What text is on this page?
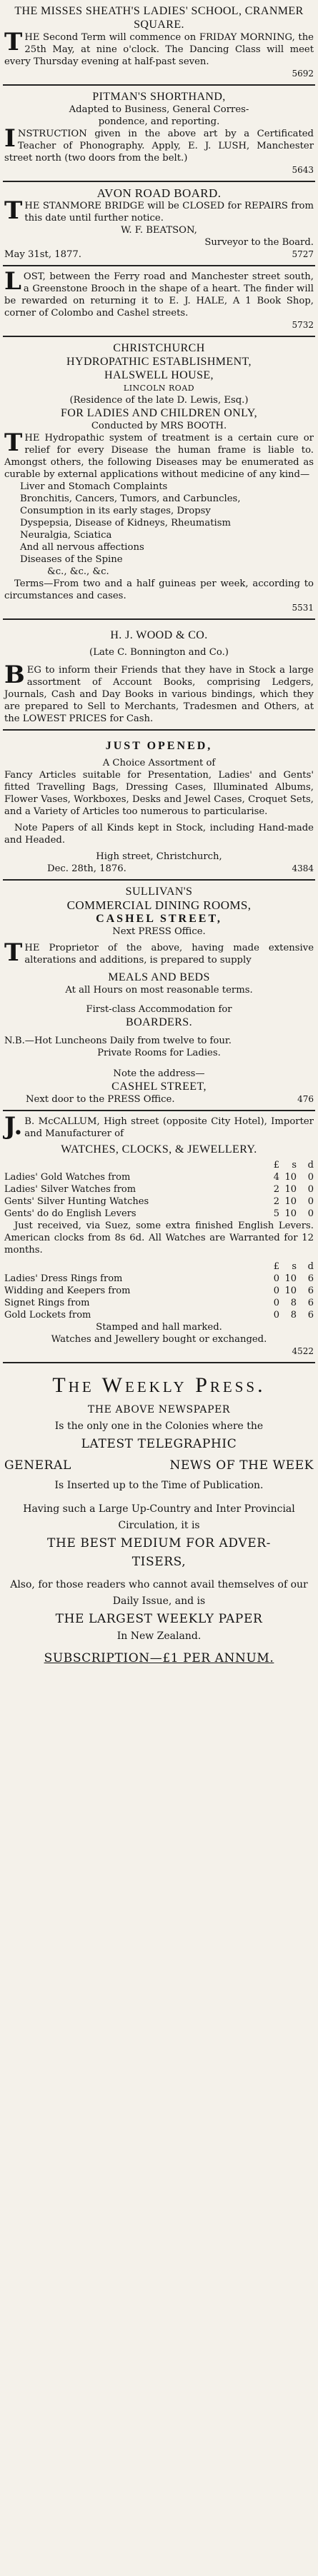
THE MISSES SHEATH'S LADIES' SCHOOL, CRANMER SQUARE.

THE Second Term will commence on FRIDAY MORNING, the 25th May, at nine o'clock. The Dancing Class will meet every Thursday evening at half-past seven.

5692
PITMAN'S SHORTHAND,
Adapted to Business, General Corres-
pondence, and reporting.

INSTRUCTION given in the above art by a Certificated Teacher of Phonography. Apply, E. J. LUSH, Manchester street north (two doors from the belt.)

5643
AVON ROAD BOARD.

THE STANMORE BRIDGE will be CLOSED for REPAIRS from this date until further notice.

W. F. BEATSON,
Surveyor to the Board.
May 31st, 1877.	5727

LOST, between the Ferry road and Manchester street south, a Greenstone Brooch in the shape of a heart. The finder will be rewarded on returning it to E. J. HALE, A 1 Book Shop, corner of Colombo and Cashel streets.

5732
CHRISTCHURCH
HYDROPATHIC ESTABLISHMENT,
HALSWELL HOUSE,
LINCOLN ROAD
(Residence of the late D. Lewis, Esq.)
FOR LADIES AND CHILDREN ONLY,
Conducted by MRS BOOTH.

THE Hydropathic system of treatment is a certain cure or relief for every Disease the human frame is liable to. Amongst others, the following Diseases may be enumerated as curable by external applications without medicine of any kind—

Liver and Stomach Complaints
Bronchitis, Cancers, Tumors, and Carbuncles,
Consumption in its early stages, Dropsy
Dyspepsia, Disease of Kidneys, Rheumatism
Neuralgia, Sciatica
And all nervous affections
Diseases of the Spine
&c., &c., &c.

Terms—From two and a half guineas per week, according to circumstances and cases.

5531
H. J. WOOD & CO.
(Late C. Bonnington and Co.)

BEG to inform their Friends that they have in Stock a large assortment of Account Books, comprising Ledgers, Journals, Cash and Day Books in various bindings, which they are prepared to Sell to Merchants, Tradesmen and Others, at the LOWEST PRICES for Cash.

JUST OPENED,
A Choice Assortment of

Fancy Articles suitable for Presentation, Ladies' and Gents' fitted Travelling Bags, Dressing Cases, Illuminated Albums, Flower Vases, Workboxes, Desks and Jewel Cases, Croquet Sets, and a Variety of Articles too numerous to particularise.

Note Papers of all Kinds kept in Stock, including Hand-made and Headed.

High street, Christchurch,
Dec. 28th, 1876.	4384
SULLIVAN'S
COMMERCIAL DINING ROOMS,
CASHEL STREET,
Next PRESS Office.

THE Proprietor of the above, having made extensive alterations and additions, is prepared to supply

MEALS AND BEDS
At all Hours on most reasonable terms.
First-class Accommodation for
BOARDERS.

N.B.—Hot Luncheons Daily from twelve to four.

Private Rooms for Ladies.
Note the address—
CASHEL STREET,
Next door to the PRESS Office.	476

J.B. McCALLUM, High street (opposite City Hotel), Importer and Manufacturer of

WATCHES, CLOCKS, & JEWELLERY.
	£	s	d
Ladies' Gold Watches from	4	10	0
Ladies' Silver Watches from	2	10	0
Gents' Silver Hunting Watches	2	10	0
Gents' do do English Levers	5	10	0

Just received, via Suez, some extra finished English Levers. American clocks from 8s 6d. All Watches are Warranted for 12 months.

	£	s	d
Ladies' Dress Rings from	0	10	6
Widding and Keepers from	0	10	6
Signet Rings from	0	8	6
Gold Lockets from	0	8	6
Stamped and hall marked.
Watches and Jewellery bought or exchanged.
4522
The Weekly Press.
THE ABOVE NEWSPAPER
Is the only one in the Colonies where the
LATEST TELEGRAPHIC
GENERAL	NEWS OF THE WEEK
Is Inserted up to the Time of Publication.
Having such a Large Up-Country and Inter Provincial Circulation, it is
THE BEST MEDIUM FOR ADVER-
TISERS,
Also, for those readers who cannot avail themselves of our Daily Issue, and is
THE LARGEST WEEKLY PAPER
In New Zealand.
SUBSCRIPTION—£1 PER ANNUM.
